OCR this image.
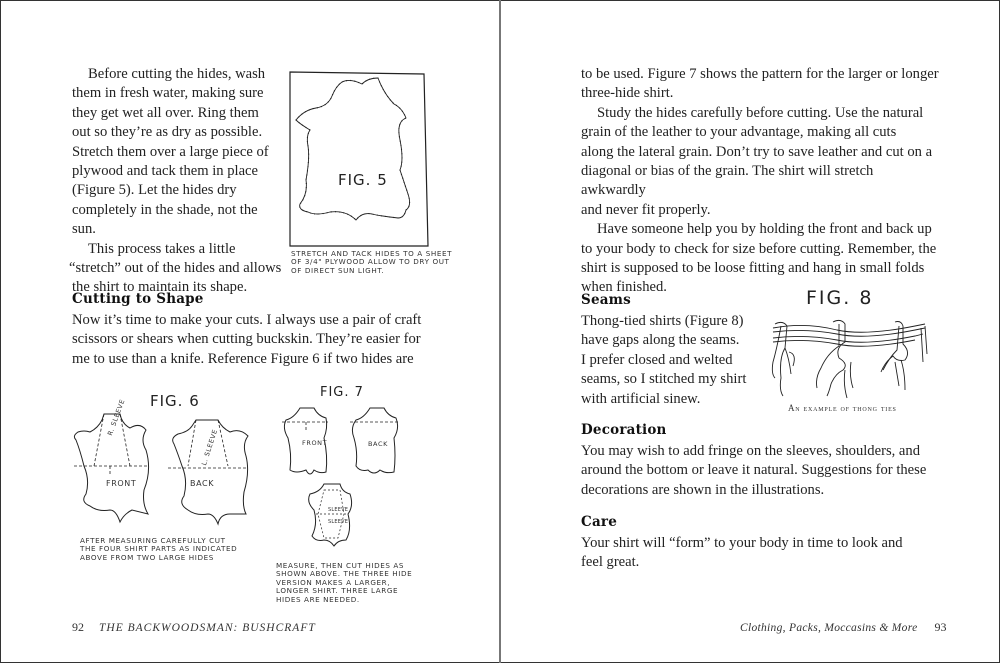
Before cutting the hides, wash

them in fresh water, making sure

they get wet all over. Ring them

out so they’re as dry as possible.

Stretch them over a large piece of

plywood and tack them in place

(Figure 5). Let the hides dry

completely in the shade, not the sun.

This process takes a little

“stretch” out of the hides and allows

the shirt to maintain its shape.

FIG. 5
STRETCH AND TACK HIDES TO A SHEET OF 3/4" PLYWOOD ALLOW TO DRY OUT OF DIRECT SUN LIGHT.
Cutting to Shape

Now it’s time to make your cuts. I always use a pair of craft

scissors or shears when cutting buckskin. They’re easier for

me to use than a knife. Reference Figure 6 if two hides are

FIG. 6
R. SLEEVE
L. SLEEVE
FRONT	BACK
AFTER MEASURING CAREFULLY CUT THE FOUR SHIRT PARTS AS INDICATED ABOVE FROM TWO LARGE HIDES
FIG. 7
FRONT	BACK
SLEEVE
SLEEVE
MEASURE, THEN CUT HIDES AS SHOWN ABOVE. THE THREE HIDE VERSION MAKES A LARGER, LONGER SHIRT. THREE LARGE HIDES ARE NEEDED.
92 THE BACKWOODSMAN: BUSHCRAFT

to be used. Figure 7 shows the pattern for the larger or longer

three-hide shirt.

Study the hides carefully before cutting. Use the natural

grain of the leather to your advantage, making all cuts

along the lateral grain. Don’t try to save leather and cut on a

diagonal or bias of the grain. The shirt will stretch awkwardly

and never fit properly.

Have someone help you by holding the front and back up

to your body to check for size before cutting. Remember, the

shirt is supposed to be loose fitting and hang in small folds

when finished.

Seams

Thong-tied shirts (Figure 8)

have gaps along the seams.

I prefer closed and welted

seams, so I stitched my shirt

with artificial sinew.

FIG. 8
An example of thong ties
Decoration

You may wish to add fringe on the sleeves, shoulders, and

around the bottom or leave it natural. Suggestions for these

decorations are shown in the illustrations.

Care

Your shirt will “form” to your body in time to look and

feel great.

Clothing, Packs, Moccasins & More 93
